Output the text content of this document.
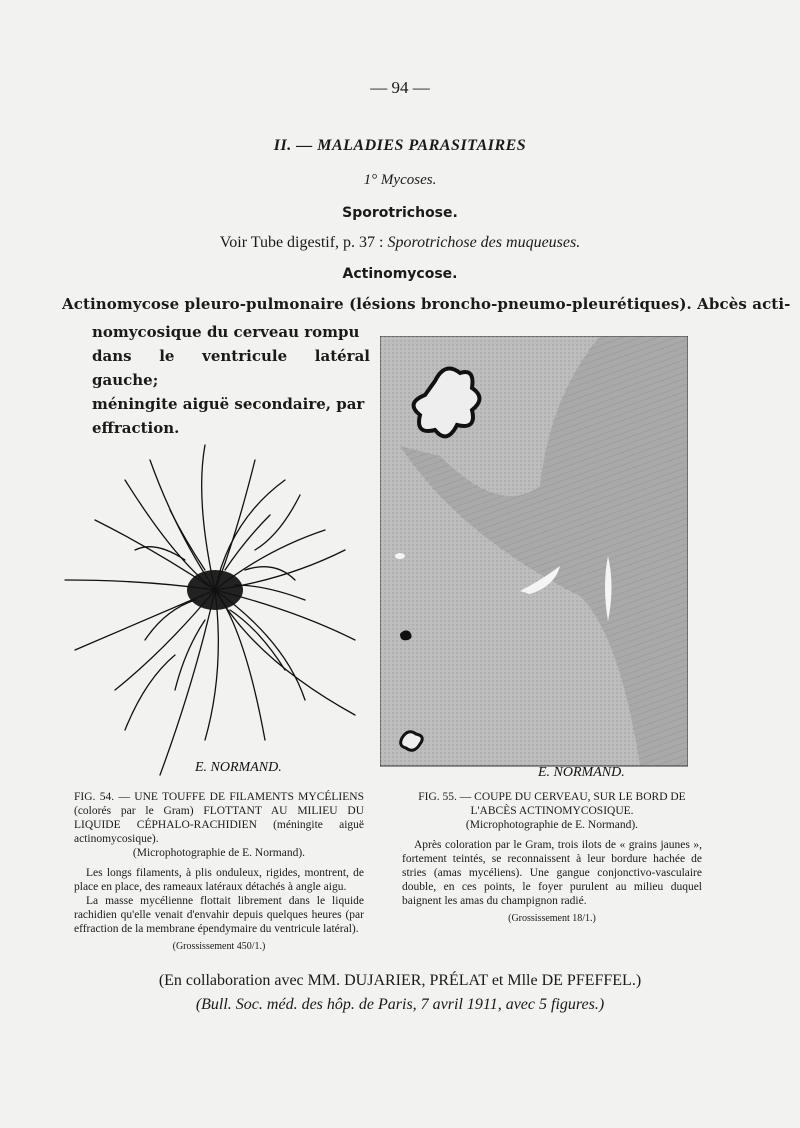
— 94 —
II. — MALADIES PARASITAIRES
1° Mycoses.
Sporotrichose.
Voir Tube digestif, p. 37 : Sporotrichose des muqueuses.
Actinomycose.
Actinomycose pleuro-pulmonaire (lésions broncho-pneumo-pleurétiques). Abcès acti-
nomycosique du cerveau rompu
dans le ventricule latéral gauche;
méningite aiguë secondaire, par
effraction.
E. NORMAND.	E. NORMAND.

FIG. 54. — UNE TOUFFE DE FILAMENTS MYCÉLIENS (colorés par le Gram) FLOTTANT AU MILIEU DU LIQUIDE CÉPHALO-RACHIDIEN (méningite aiguë actinomycosique).

(Microphotographie de E. Normand).

Les longs filaments, à plis onduleux, rigides, montrent, de place en place, des rameaux latéraux détachés à angle aigu.

La masse mycélienne flottait librement dans le liquide rachidien qu'elle venait d'envahir depuis quelques heures (par effraction de la membrane épendymaire du ventricule latéral).

(Grossissement 450/1.)

FIG. 55. — COUPE DU CERVEAU, SUR LE BORD DE L'ABCÈS ACTINOMYCOSIQUE.

(Microphotographie de E. Normand).

Après coloration par le Gram, trois ilots de « grains jaunes », fortement teintés, se reconnaissent à leur bordure hachée de stries (amas mycéliens). Une gangue conjonctivo-vasculaire double, en ces points, le foyer purulent au milieu duquel baignent les amas du champignon radié.

(Grossissement 18/1.)

(En collaboration avec MM. DUJARIER, PRÉLAT et Mlle DE PFEFFEL.)
(Bull. Soc. méd. des hôp. de Paris, 7 avril 1911, avec 5 figures.)
